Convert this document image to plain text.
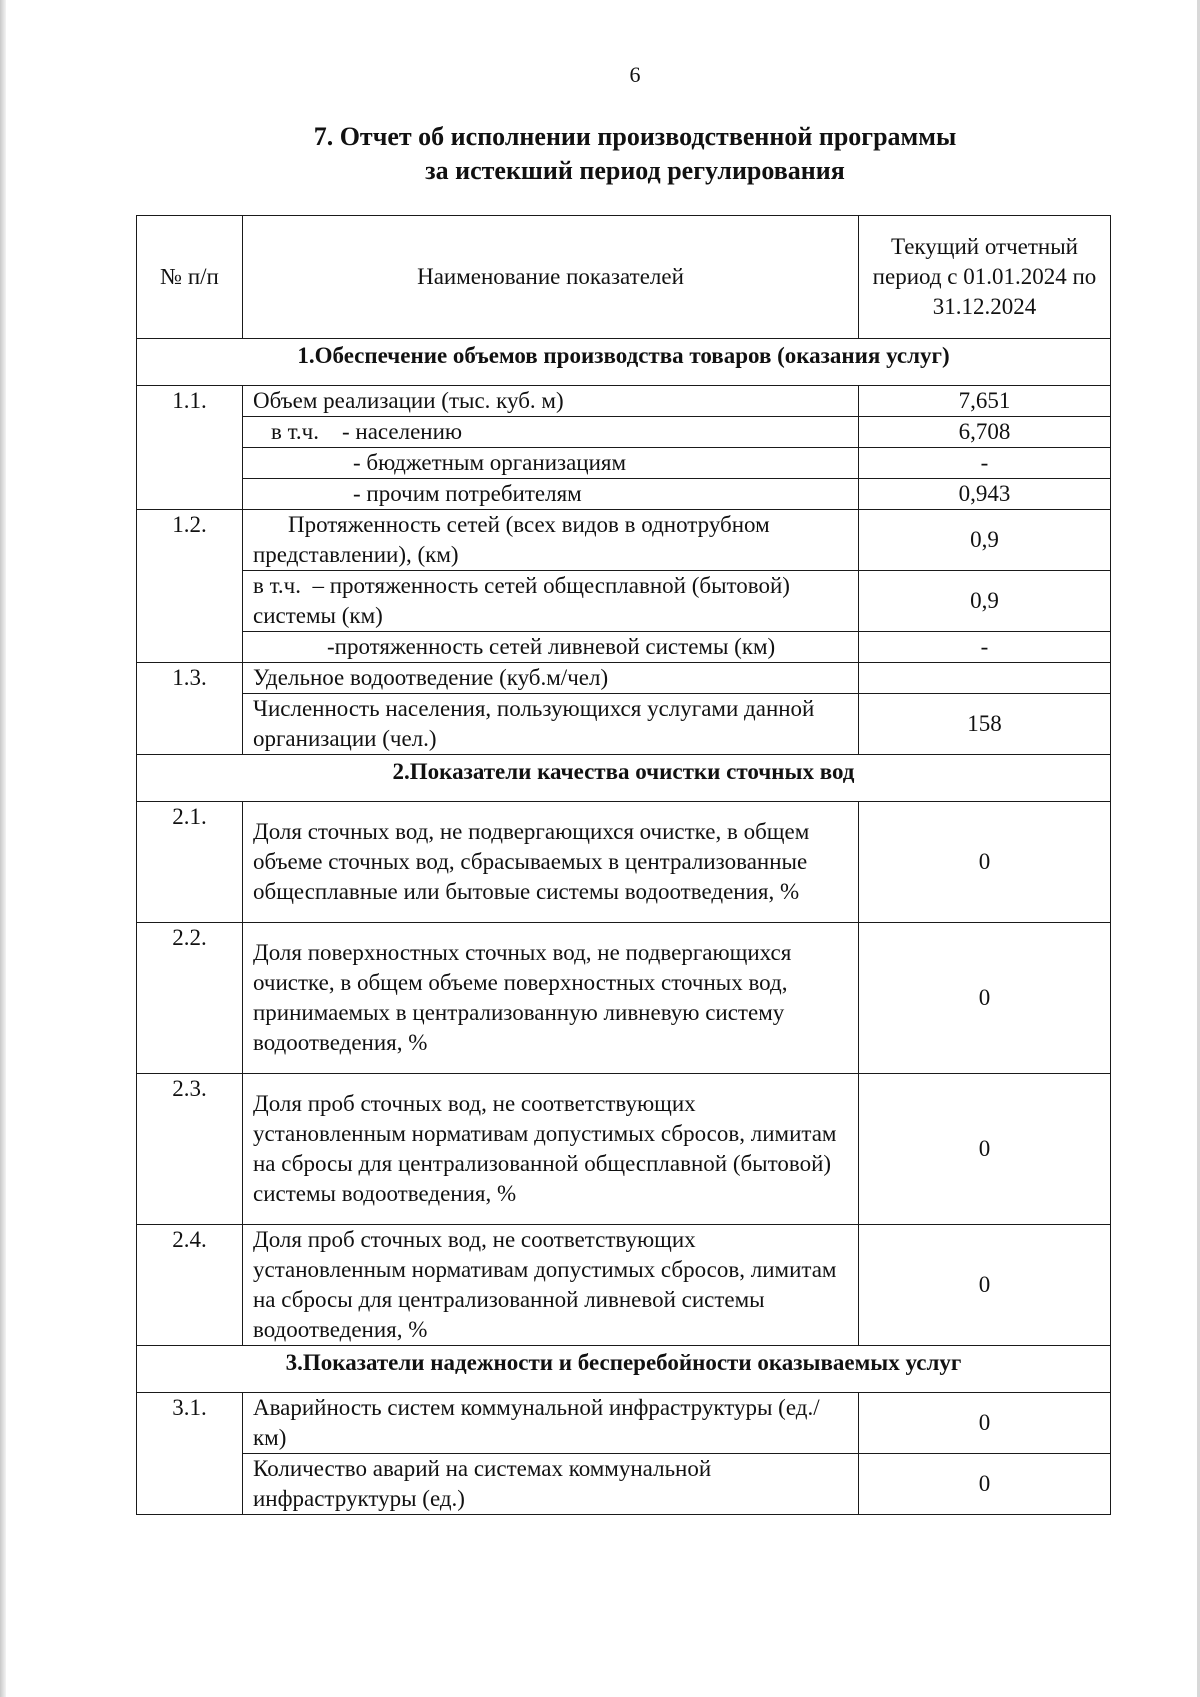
6
7. Отчет об исполнении производственной программы
за истекший период регулирования
№ п/п	Наименование показателей	Текущий отчетный период с 01.01.2024 по 31.12.2024
1.Обеспечение объемов производства товаров (оказания услуг)		
1.1.	Объем реализации (тыс. куб. м)	7,651
	в т.ч.    - населению	6,708
	- бюджетным организациям	-
	- прочим потребителям	0,943
1.2.	Протяженность сетей (всех видов в однотрубном представлении), (км)	0,9
	в т.ч.  – протяженность сетей общесплавной (бытовой) системы (км)	0,9
	-протяженность сетей ливневой системы (км)	-
1.3.	Удельное водоотведение (куб.м/чел)	
	Численность населения, пользующихся услугами данной организации (чел.)	158
2.Показатели качества очистки сточных вод		
2.1.	Доля сточных вод, не подвергающихся очистке, в общем объеме сточных вод, сбрасываемых в централизованные общесплавные или бытовые системы водоотведения, %	0
2.2.	Доля поверхностных сточных вод, не подвергающихся очистке, в общем объеме поверхностных сточных вод, принимаемых в централизованную ливневую систему водоотведения, %	0
2.3.	Доля проб сточных вод, не соответствующих установленным нормативам допустимых сбросов, лимитам на сбросы для централизованной общесплавной (бытовой) системы водоотведения, %	0
2.4.	Доля проб сточных вод, не соответствующих установленным нормативам допустимых сбросов, лимитам на сбросы для централизованной ливневой системы водоотведения, %	0
3.Показатели надежности и бесперебойности оказываемых услуг		
3.1.	Аварийность систем коммунальной инфраструктуры (ед./км)	0
	Количество аварий на системах коммунальной инфраструктуры (ед.)	0
